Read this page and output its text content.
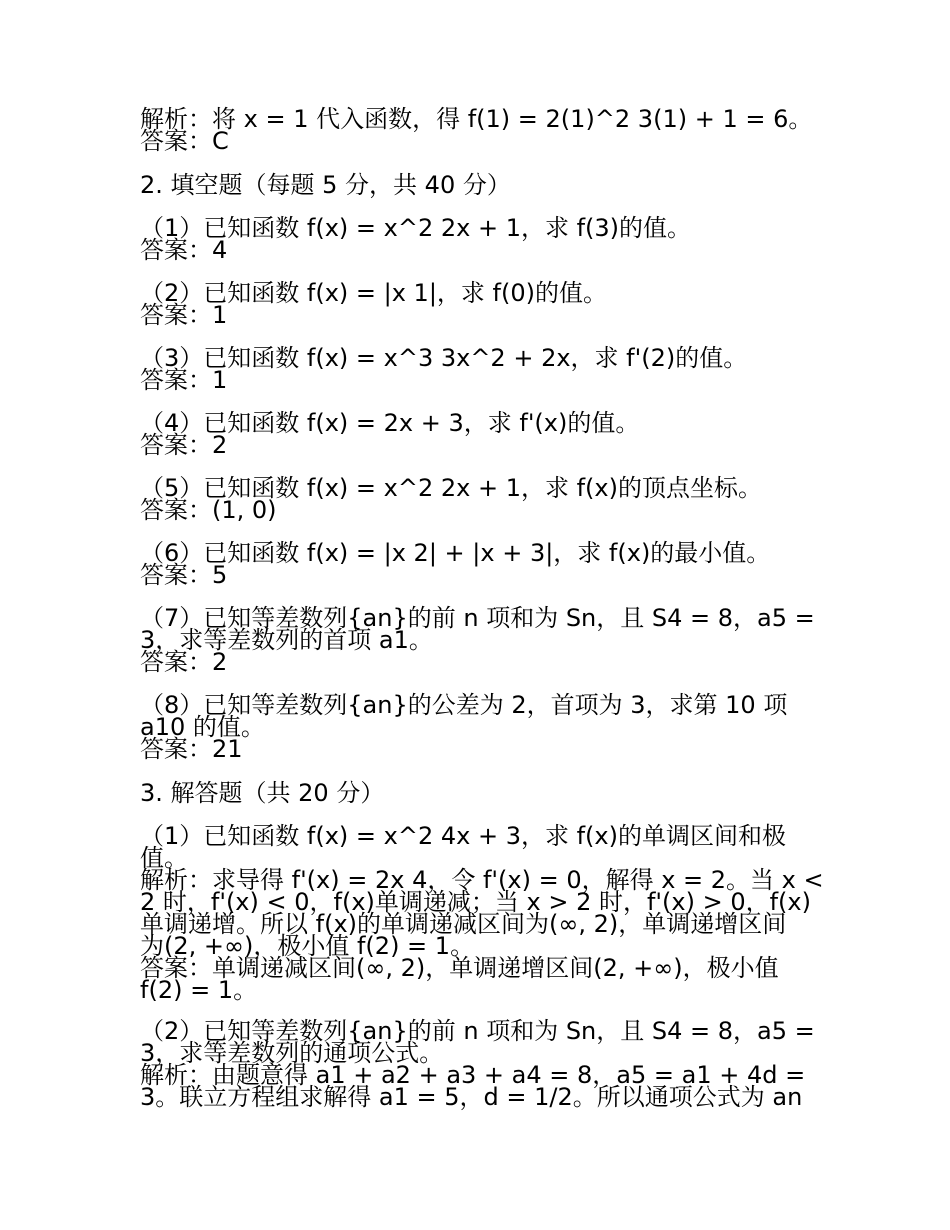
解析：将 x = 1 代入函数，得 f(1) = 2(1)^2 3(1) + 1 = 6。
答案：C
2. 填空题（每题 5 分，共 40 分）
（1）已知函数 f(x) = x^2 2x + 1，求 f(3)的值。
答案：4
（2）已知函数 f(x) = |x 1|，求 f(0)的值。
答案：1
（3）已知函数 f(x) = x^3 3x^2 + 2x，求 f'(2)的值。
答案：1
（4）已知函数 f(x) = 2x + 3，求 f'(x)的值。
答案：2
（5）已知函数 f(x) = x^2 2x + 1，求 f(x)的顶点坐标。
答案：(1, 0)
（6）已知函数 f(x) = |x 2| + |x + 3|，求 f(x)的最小值。
答案：5
（7）已知等差数列{an}的前 n 项和为 Sn，且 S4 = 8，a5 =
3，求等差数列的首项 a1。
答案：2
（8）已知等差数列{an}的公差为 2，首项为 3，求第 10 项
a10 的值。
答案：21
3. 解答题（共 20 分）
（1）已知函数 f(x) = x^2 4x + 3，求 f(x)的单调区间和极
值。
解析：求导得 f'(x) = 2x 4，令 f'(x) = 0，解得 x = 2。当 x <
2 时，f'(x) < 0，f(x)单调递减；当 x > 2 时，f'(x) > 0，f(x)
单调递增。所以 f(x)的单调递减区间为(∞, 2)，单调递增区间
为(2, +∞)，极小值 f(2) = 1。
答案：单调递减区间(∞, 2)，单调递增区间(2, +∞)，极小值
f(2) = 1。
（2）已知等差数列{an}的前 n 项和为 Sn，且 S4 = 8，a5 =
3，求等差数列的通项公式。
解析：由题意得 a1 + a2 + a3 + a4 = 8，a5 = a1 + 4d =
3。联立方程组求解得 a1 = 5，d = 1/2。所以通项公式为 an
